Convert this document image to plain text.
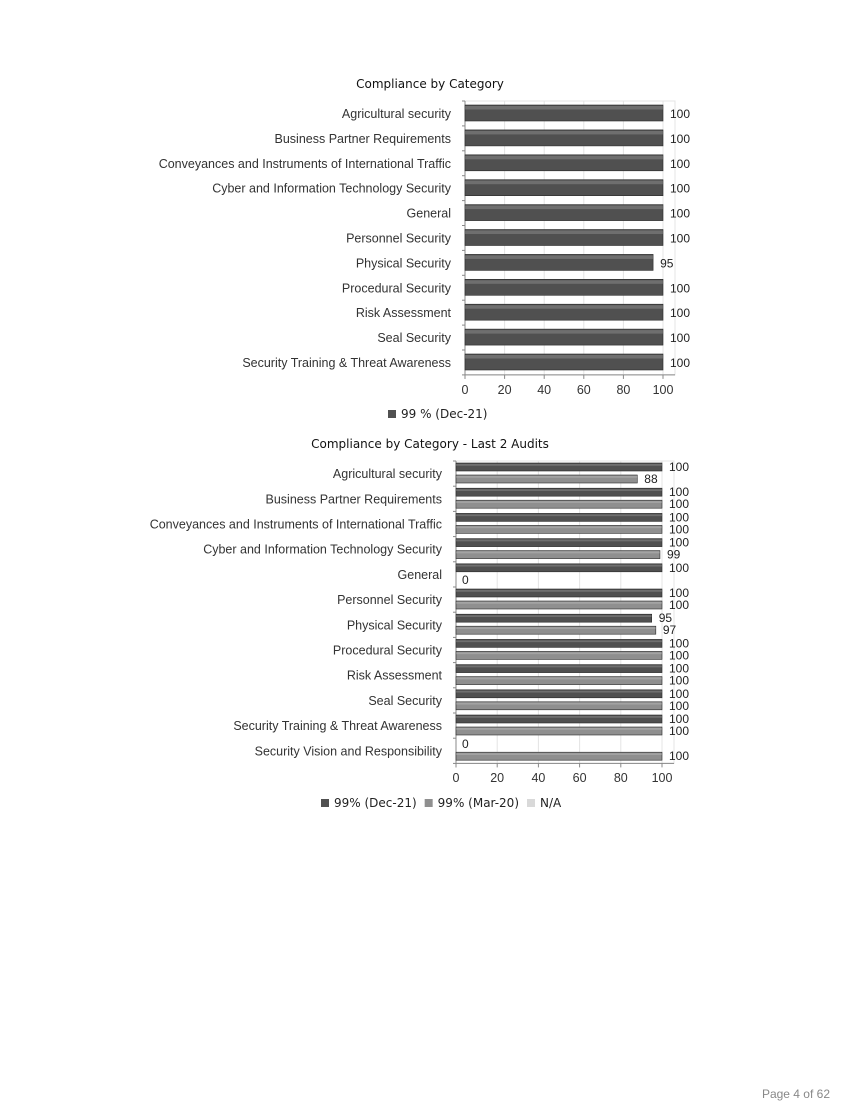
Compliance by Category
0 20 40 60 80 100
Agricultural security	100
Business Partner Requirements	100
Conveyances and Instruments of International Traffic	100
Cyber and Information Technology Security	100
General	100
Personnel Security	100
Physical Security	95
Procedural Security	100
Risk Assessment	100
Seal Security	100
Security Training & Threat Awareness	100
99 % (Dec-21)
Compliance by Category - Last 2 Audits
0 20 40 60 80 100
Agricultural security
100
88
Business Partner Requirements
100
100
Conveyances and Instruments of International Traffic
100
100
Cyber and Information Technology Security
100
99
General
100
0
Personnel Security
100
100
Physical Security
95
97
Procedural Security
100
100
Risk Assessment
100
100
Seal Security
100
100
Security Training & Threat Awareness
100
100
Security Vision and Responsibility
0
100
99% (Dec-21) 99% (Mar-20) N/A
Page 4 of 62
